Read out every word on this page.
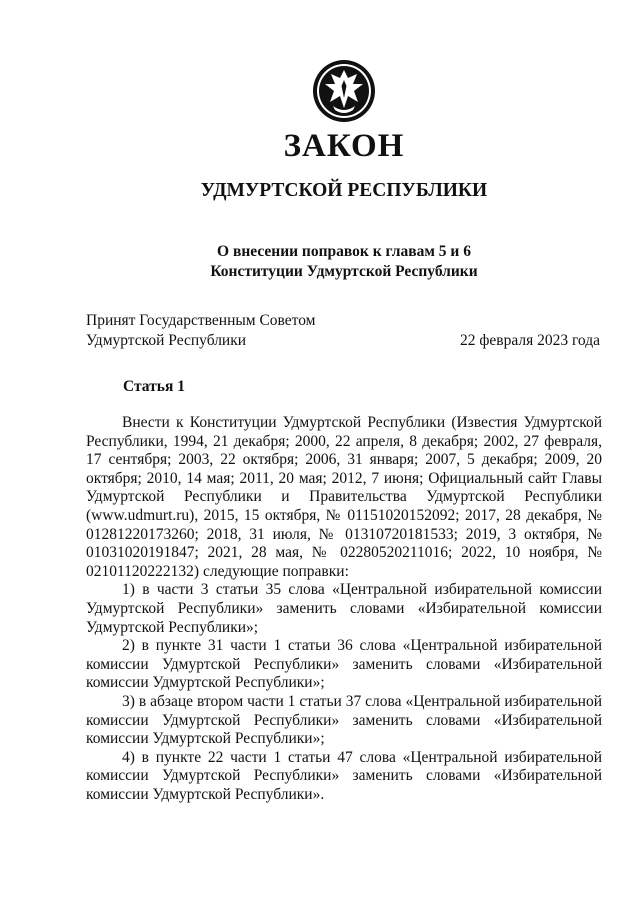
ЗАКОН
УДМУРТСКОЙ РЕСПУБЛИКИ
О внесении поправок к главам 5 и 6
Конституции Удмуртской Республики
Принят Государственным Советом
Удмуртской Республики	22 февраля 2023 года
Статья 1

Внести к Конституции Удмуртской Республики (Известия Удмуртской Республики, 1994, 21 декабря; 2000, 22 апреля, 8 декабря; 2002, 27 февраля, 17 сентября; 2003, 22 октября; 2006, 31 января; 2007, 5 декабря; 2009, 20 октября; 2010, 14 мая; 2011, 20 мая; 2012, 7 июня; Официальный сайт Главы Удмуртской Республики и Правительства Удмуртской Республики (www.udmurt.ru), 2015, 15 октября, № 01151020152092; 2017, 28 декабря, № 01281220173260; 2018, 31 июля, № 01310720181533; 2019, 3 октября, № 01031020191847; 2021, 28 мая, № 02280520211016; 2022, 10 ноября, № 02101120222132) следующие поправки:

1) в части 3 статьи 35 слова «Центральной избирательной комиссии Удмуртской Республики» заменить словами «Избирательной комиссии Удмуртской Республики»;

2) в пункте 31 части 1 статьи 36 слова «Центральной избирательной комиссии Удмуртской Республики» заменить словами «Избирательной комиссии Удмуртской Республики»;

3) в абзаце втором части 1 статьи 37 слова «Центральной избирательной комиссии Удмуртской Республики» заменить словами «Избирательной комиссии Удмуртской Республики»;

4) в пункте 22 части 1 статьи 47 слова «Центральной избирательной комиссии Удмуртской Республики» заменить словами «Избирательной комиссии Удмуртской Республики».
